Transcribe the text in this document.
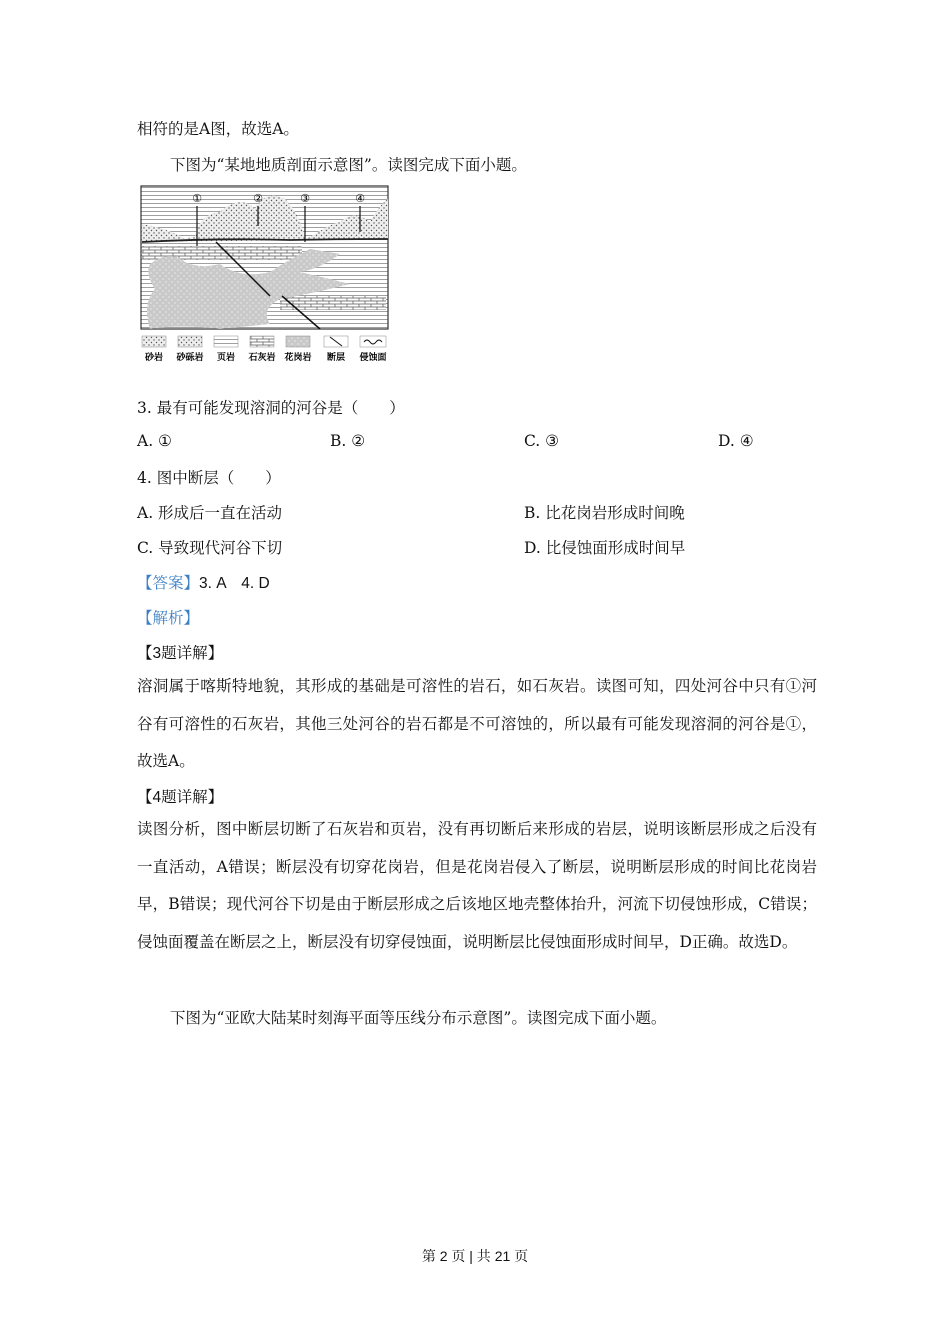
相符的是A图，故选A。
下图为“某地地质剖面示意图”。读图完成下面小题。
①	②	③	④
砂岩 砂砾岩 页岩 石灰岩 花岗岩 断层 侵蚀面
3. 最有可能发现溶洞的河谷是（　　）
A. ①	B. ②	C. ③	D. ④
4. 图中断层（　　）
A. 形成后一直在活动	B. 比花岗岩形成时间晚
C. 导致现代河谷下切	D. 比侵蚀面形成时间早
【答案】3. A　4. D
【解析】
【3题详解】
溶洞属于喀斯特地貌，其形成的基础是可溶性的岩石，如石灰岩。读图可知，四处河谷中只有①河谷有可溶性的石灰岩，其他三处河谷的岩石都是不可溶蚀的，所以最有可能发现溶洞的河谷是①，故选A。
【4题详解】
读图分析，图中断层切断了石灰岩和页岩，没有再切断后来形成的岩层，说明该断层形成之后没有一直活动，A错误；断层没有切穿花岗岩，但是花岗岩侵入了断层，说明断层形成的时间比花岗岩早，B错误；现代河谷下切是由于断层形成之后该地区地壳整体抬升，河流下切侵蚀形成，C错误；侵蚀面覆盖在断层之上，断层没有切穿侵蚀面，说明断层比侵蚀面形成时间早，D正确。故选D。
下图为“亚欧大陆某时刻海平面等压线分布示意图”。读图完成下面小题。
第 2 页 | 共 21 页
